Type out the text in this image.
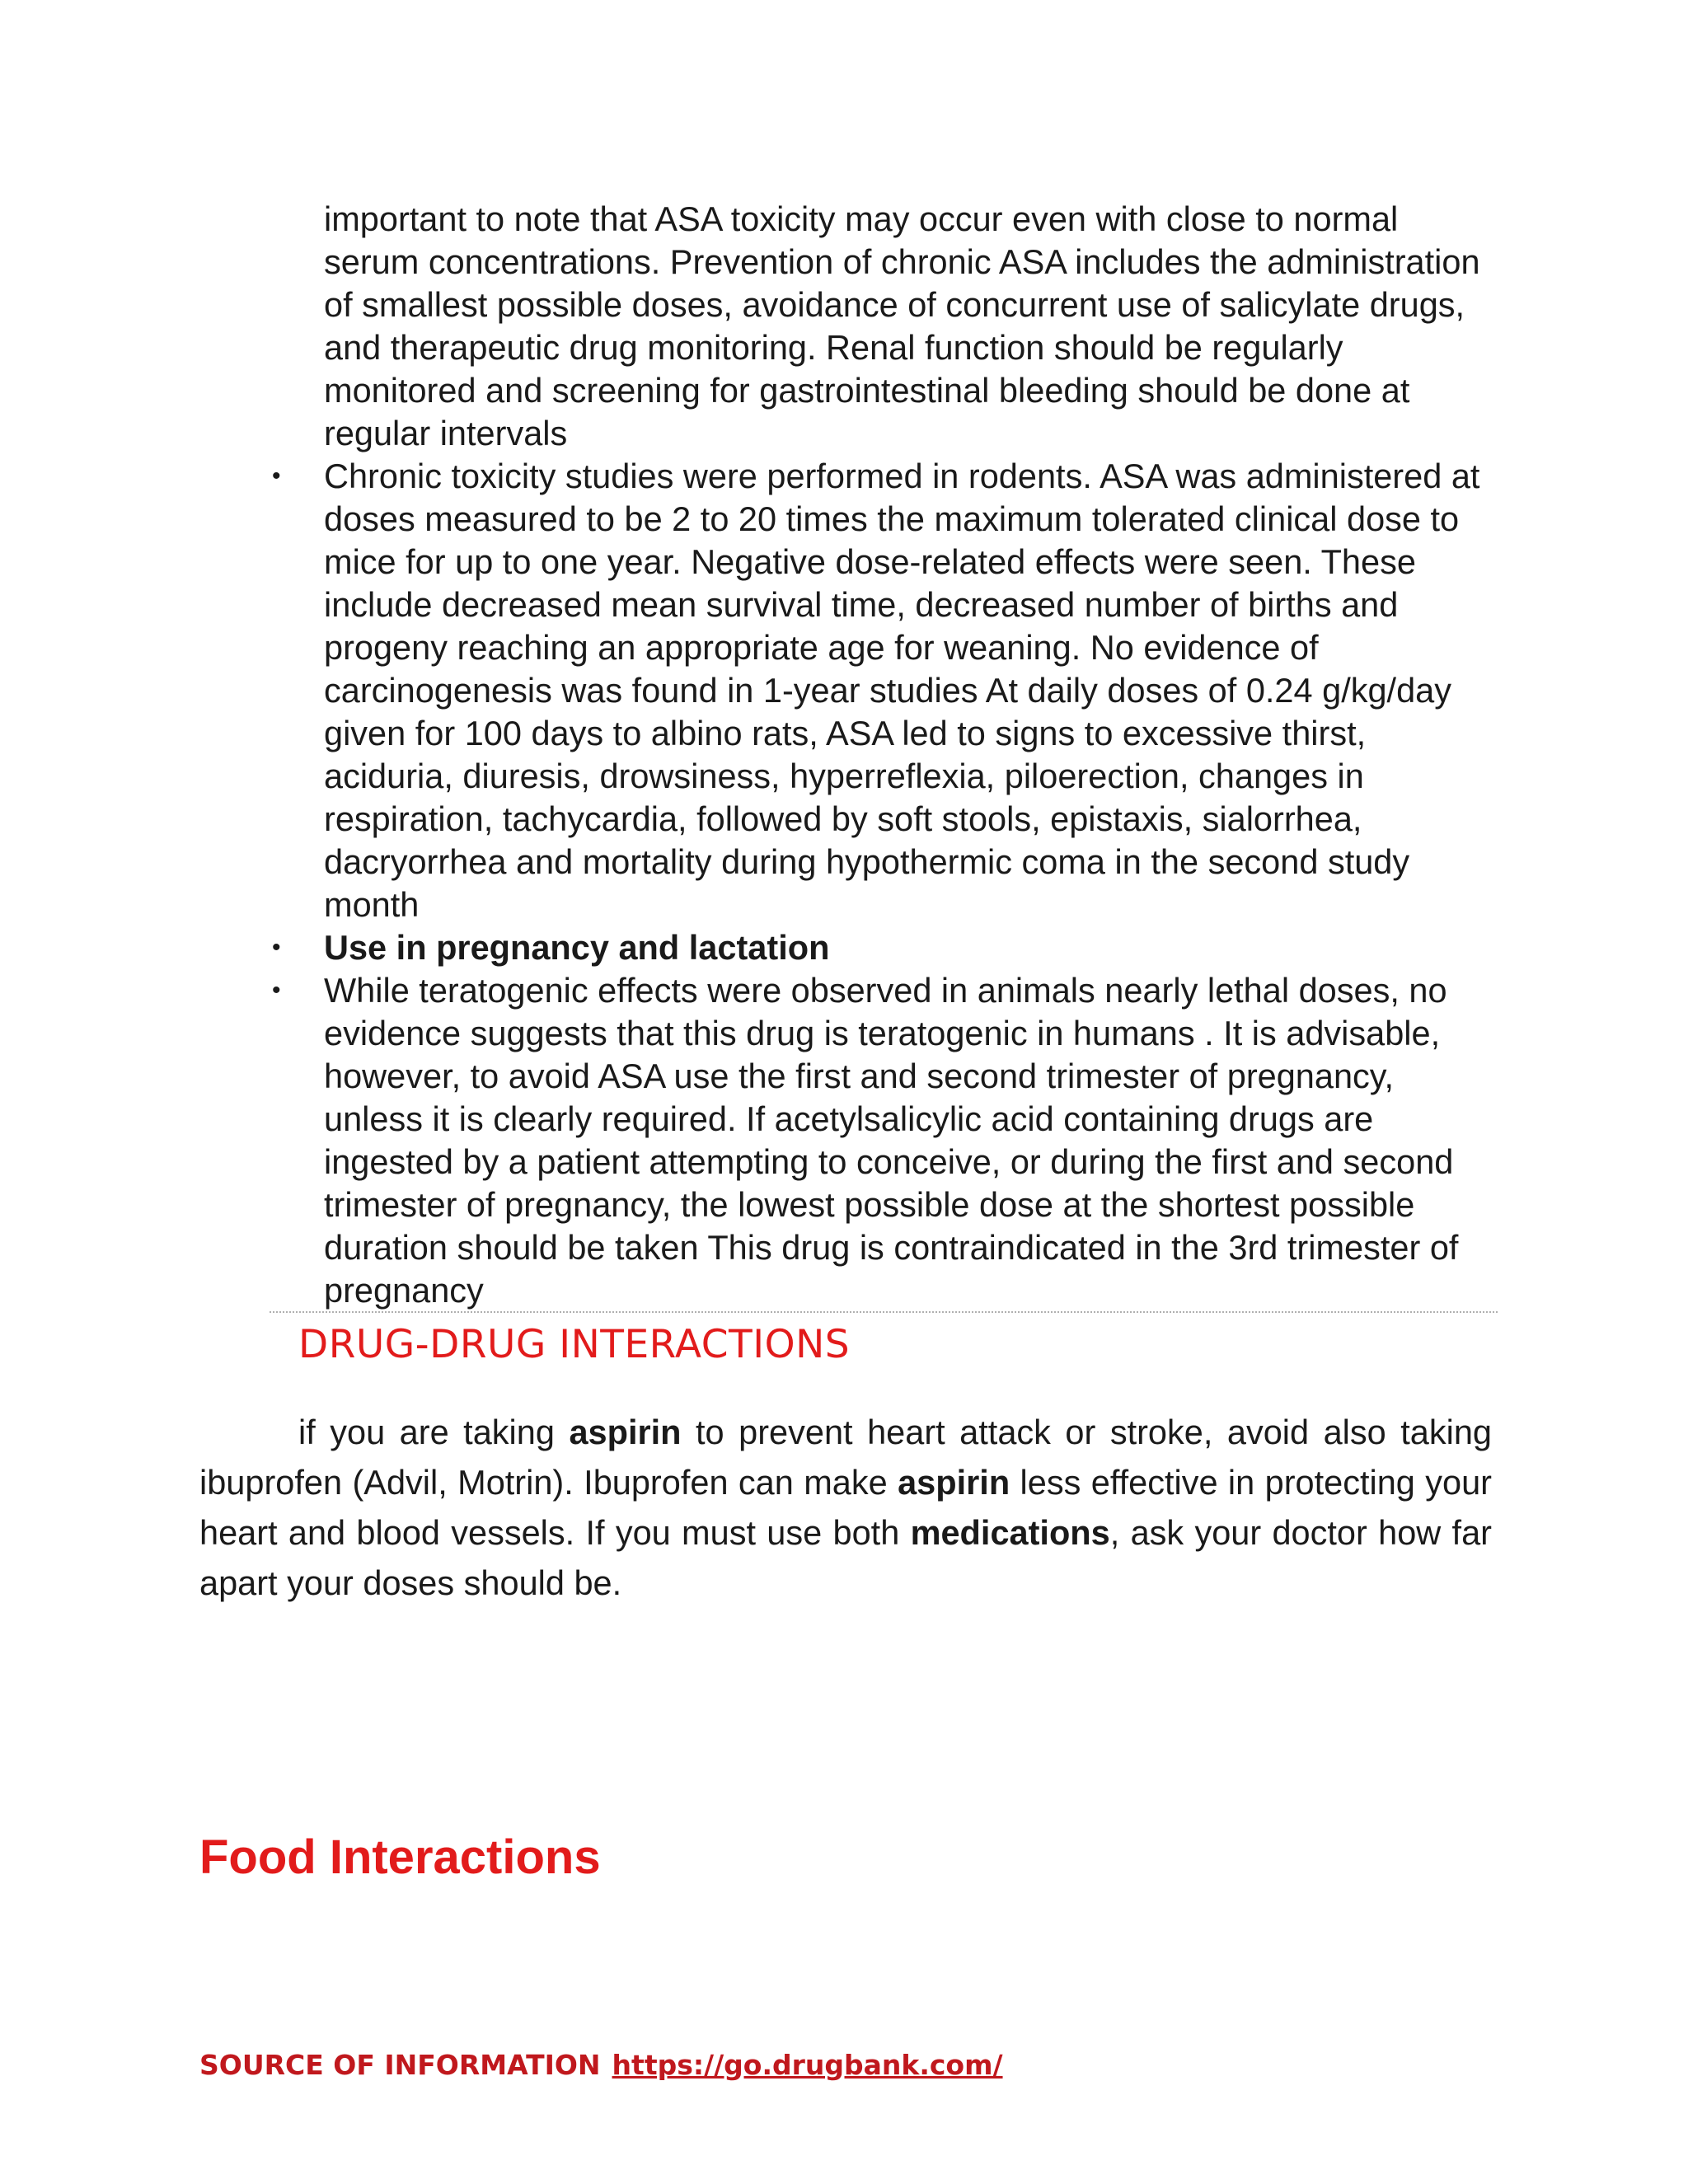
important to note that ASA toxicity may occur even with close to normal serum concentrations. Prevention of chronic ASA includes the administration of smallest possible doses, avoidance of concurrent use of salicylate drugs, and therapeutic drug monitoring. Renal function should be regularly monitored and screening for gastrointestinal bleeding should be done at regular intervals
•	Chronic toxicity studies were performed in rodents. ASA was administered at doses measured to be 2 to 20 times the maximum tolerated clinical dose to mice for up to one year. Negative dose-related effects were seen. These include decreased mean survival time, decreased number of births and progeny reaching an appropriate age for weaning. No evidence of carcinogenesis was found in 1-year studies At daily doses of 0.24 g/kg/day given for 100 days to albino rats, ASA led to signs to excessive thirst, aciduria, diuresis, drowsiness, hyperreflexia, piloerection, changes in respiration, tachycardia, followed by soft stools, epistaxis, sialorrhea, dacryorrhea and mortality during hypothermic coma in the second study month
•	Use in pregnancy and lactation
•	While teratogenic effects were observed in animals nearly lethal doses, no evidence suggests that this drug is teratogenic in humans . It is advisable, however, to avoid ASA use the first and second trimester of pregnancy, unless it is clearly required. If acetylsalicylic acid containing drugs are ingested by a patient attempting to conceive, or during the first and second trimester of pregnancy, the lowest possible dose at the shortest possible duration should be taken This drug is contraindicated in the 3rd trimester of pregnancy
DRUG-DRUG INTERACTIONS

if you are taking aspirin to prevent heart attack or stroke, avoid also taking ibuprofen (Advil, Motrin). Ibuprofen can make aspirin less effective in protecting your heart and blood vessels. If you must use both medications, ask your doctor how far apart your doses should be.

Food Interactions
SOURCE OF INFORMATION https://go.drugbank.com/
